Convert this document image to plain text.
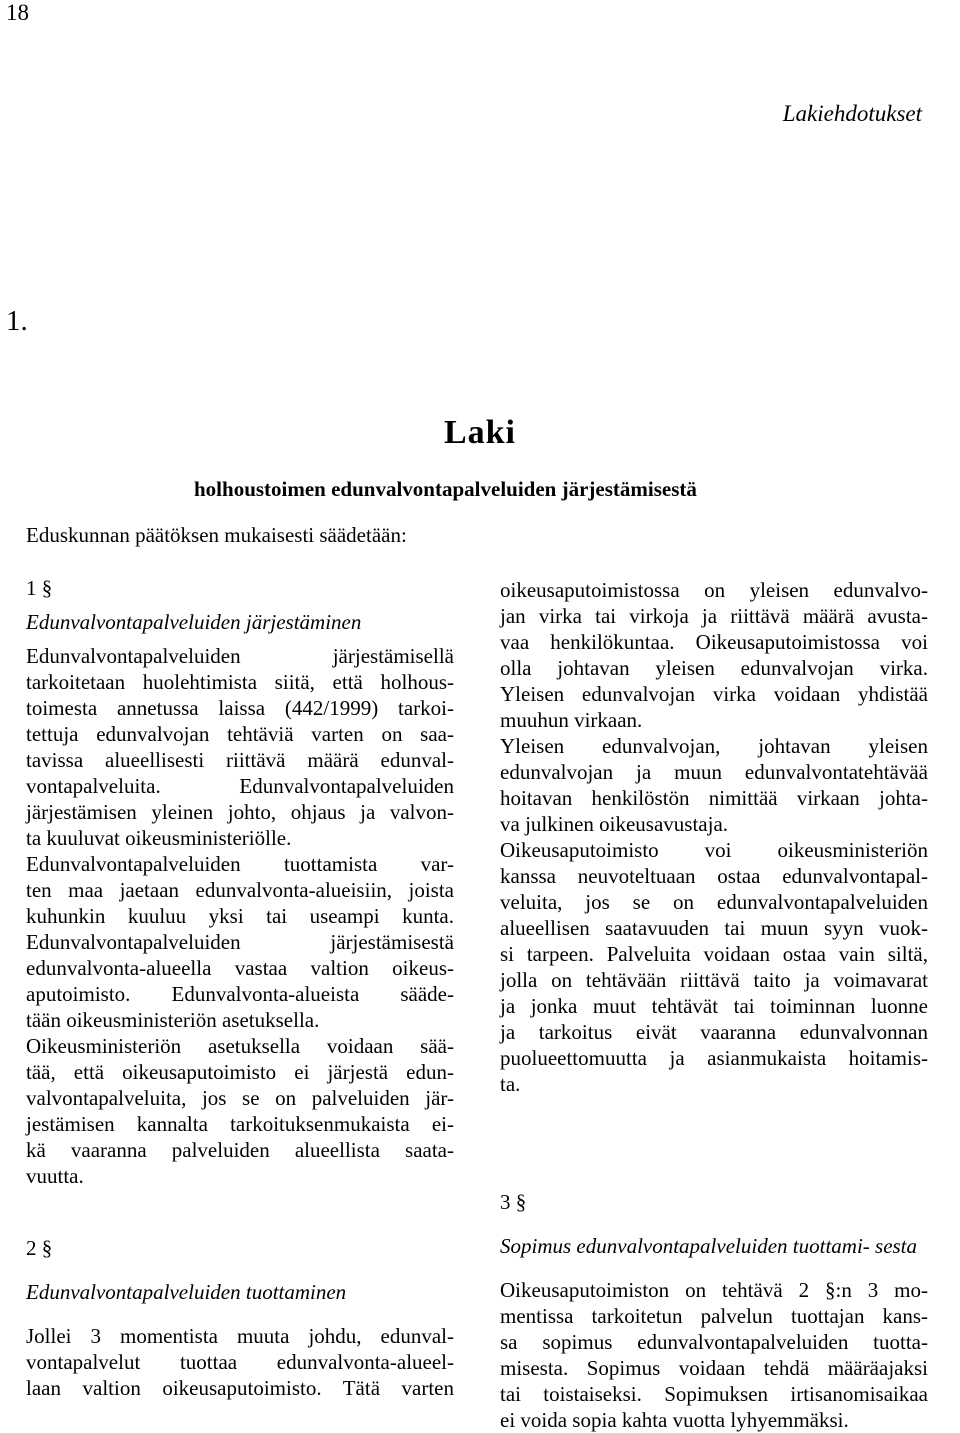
18
Lakiehdotukset
1.
Laki
holhoustoimen edunvalvontapalveluiden järjestämisestä
Eduskunnan päätöksen mukaisesti säädetään:

1 §

Edunvalvontapalveluiden järjestäminen

Edunvalvontapalveluiden järjestämisellä
tarkoitetaan huolehtimista siitä, että holhous-
toimesta annetussa laissa (442/1999) tarkoi-
tettuja edunvalvojan tehtäviä varten on saa-
tavissa alueellisesti riittävä määrä edunval-
vontapalveluita. Edunvalvontapalveluiden
järjestämisen yleinen johto, ohjaus ja valvon-
ta kuuluvat oikeusministeriölle.

Edunvalvontapalveluiden tuottamista var-
ten maa jaetaan edunvalvonta-alueisiin, joista
kuhunkin kuuluu yksi tai useampi kunta.
Edunvalvontapalveluiden järjestämisestä
edunvalvonta-alueella vastaa valtion oikeus-
aputoimisto. Edunvalvonta-alueista sääde-
tään oikeusministeriön asetuksella.

Oikeusministeriön asetuksella voidaan sää-
tää, että oikeusaputoimisto ei järjestä edun-
valvontapalveluita, jos se on palveluiden jär-
jestämisen kannalta tarkoituksenmukaista ei-
kä vaaranna palveluiden alueellista saata-
vuutta.

2 §

Edunvalvontapalveluiden tuottaminen

Jollei 3 momentista muuta johdu, edunval-
vontapalvelut tuottaa edunvalvonta-alueel-
laan valtion oikeusaputoimisto. Tätä varten

oikeusaputoimistossa on yleisen edunvalvo-
jan virka tai virkoja ja riittävä määrä avusta-
vaa henkilökuntaa. Oikeusaputoimistossa voi
olla johtavan yleisen edunvalvojan virka.
Yleisen edunvalvojan virka voidaan yhdistää
muuhun virkaan.

Yleisen edunvalvojan, johtavan yleisen
edunvalvojan ja muun edunvalvontatehtävää
hoitavan henkilöstön nimittää virkaan johta-
va julkinen oikeusavustaja.

Oikeusaputoimisto voi oikeusministeriön
kanssa neuvoteltuaan ostaa edunvalvontapal-
veluita, jos se on edunvalvontapalveluiden
alueellisen saatavuuden tai muun syyn vuok-
si tarpeen. Palveluita voidaan ostaa vain siltä,
jolla on tehtävään riittävä taito ja voimavarat
ja jonka muut tehtävät tai toiminnan luonne
ja tarkoitus eivät vaaranna edunvalvonnan
puolueettomuutta ja asianmukaista hoitamis-
ta.

3 §

Sopimus edunvalvontapalveluiden tuottami- sesta

Oikeusaputoimiston on tehtävä 2 §:n 3 mo-
mentissa tarkoitetun palvelun tuottajan kans-
sa sopimus edunvalvontapalveluiden tuotta-
misesta. Sopimus voidaan tehdä määräajaksi
tai toistaiseksi. Sopimuksen irtisanomisaikaa
ei voida sopia kahta vuotta lyhyemmäksi.
